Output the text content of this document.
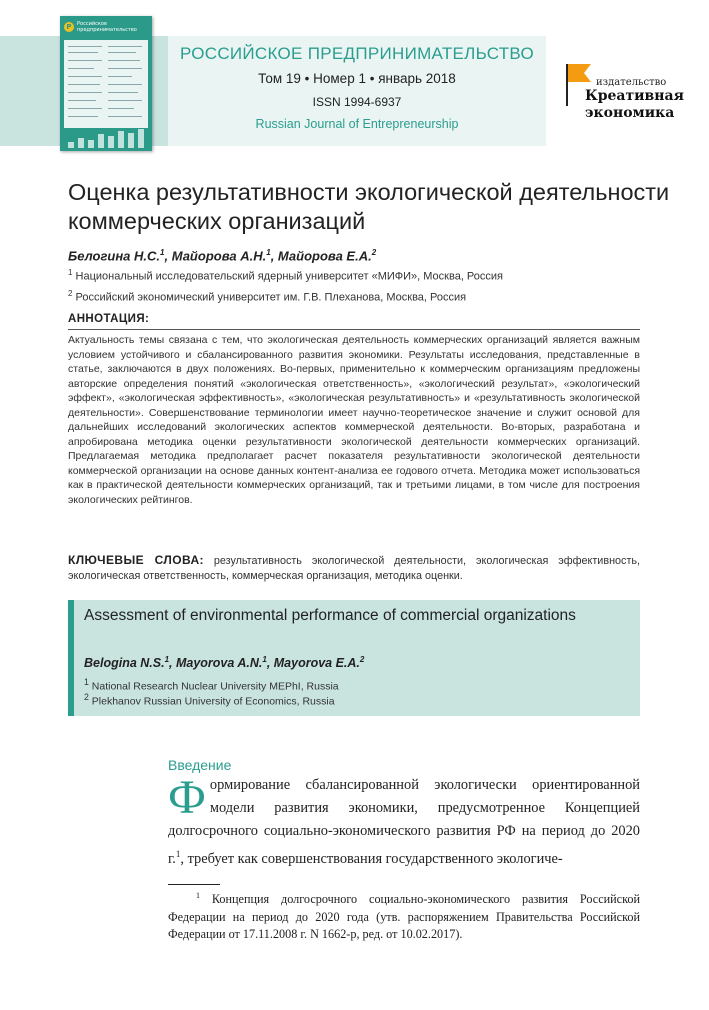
Р	Российское предпринимательство
РОССИЙСКОЕ ПРЕДПРИНИМАТЕЛЬСТВО
Том 19 • Номер 1 • январь 2018
ISSN 1994-6937
Russian Journal of Entrepreneurship
издательство
Креативная
экономика
Оценка результативности экологической деятельности коммерческих организаций
Белогина Н.С.$^1$, Майорова А.Н.$^1$, Майорова Е.А.$^2$
$^1$ Национальный исследовательский ядерный университет «МИФИ», Москва, Россия
$^2$ Российский экономический университет им. Г.В. Плеханова, Москва, Россия
АННОТАЦИЯ:

Актуальность темы связана с тем, что экологическая деятельность коммерческих организаций является важным условием устойчивого и сбалансированного развития экономики. Результаты исследования, представленные в статье, заключаются в двух положениях. Во-первых, применительно к коммерческим организациям предложены авторские определения понятий «экологическая ответственность», «экологический результат», «экологический эффект», «экологическая эффективность», «экологическая результативность» и «результативность экологической деятельности». Совершенствование терминологии имеет научно-теоретическое значение и служит основой для дальнейших исследований экологических аспектов коммерческой деятельности. Во-вторых, разработана и апробирована методика оценки результативности экологической деятельности коммерческих организаций. Предлагаемая методика предполагает расчет показателя результативности экологической деятельности коммерческой организации на основе данных контент-анализа ее годового отчета. Методика может использоваться как в практической деятельности коммерческих организаций, так и третьими лицами, в том числе для построения экологических рейтингов.

КЛЮЧЕВЫЕ СЛОВА: результативность экологической деятельности, экологическая эффективность, экологическая ответственность, коммерческая организация, методика оценки.

Assessment of environmental performance of commercial organizations
Belogina N.S.$^1$, Mayorova A.N.$^1$, Mayorova E.A.$^2$
$^1$ National Research Nuclear University MEPhI, Russia
$^2$ Plekhanov Russian University of Economics, Russia
Введение

Формирование сбалансированной экологически ориентированной модели развития экономики, предусмотренное Концепцией долгосрочного социально-экономического развития РФ на период до 2020 г.$^1$, требует как совершенствования государственного экологиче-

$^1$ Концепция долгосрочного социально-экономического развития Российской Федерации на период до 2020 года (утв. распоряжением Правительства Российской Федерации от 17.11.2008 г. N 1662-р, ред. от 10.02.2017).
